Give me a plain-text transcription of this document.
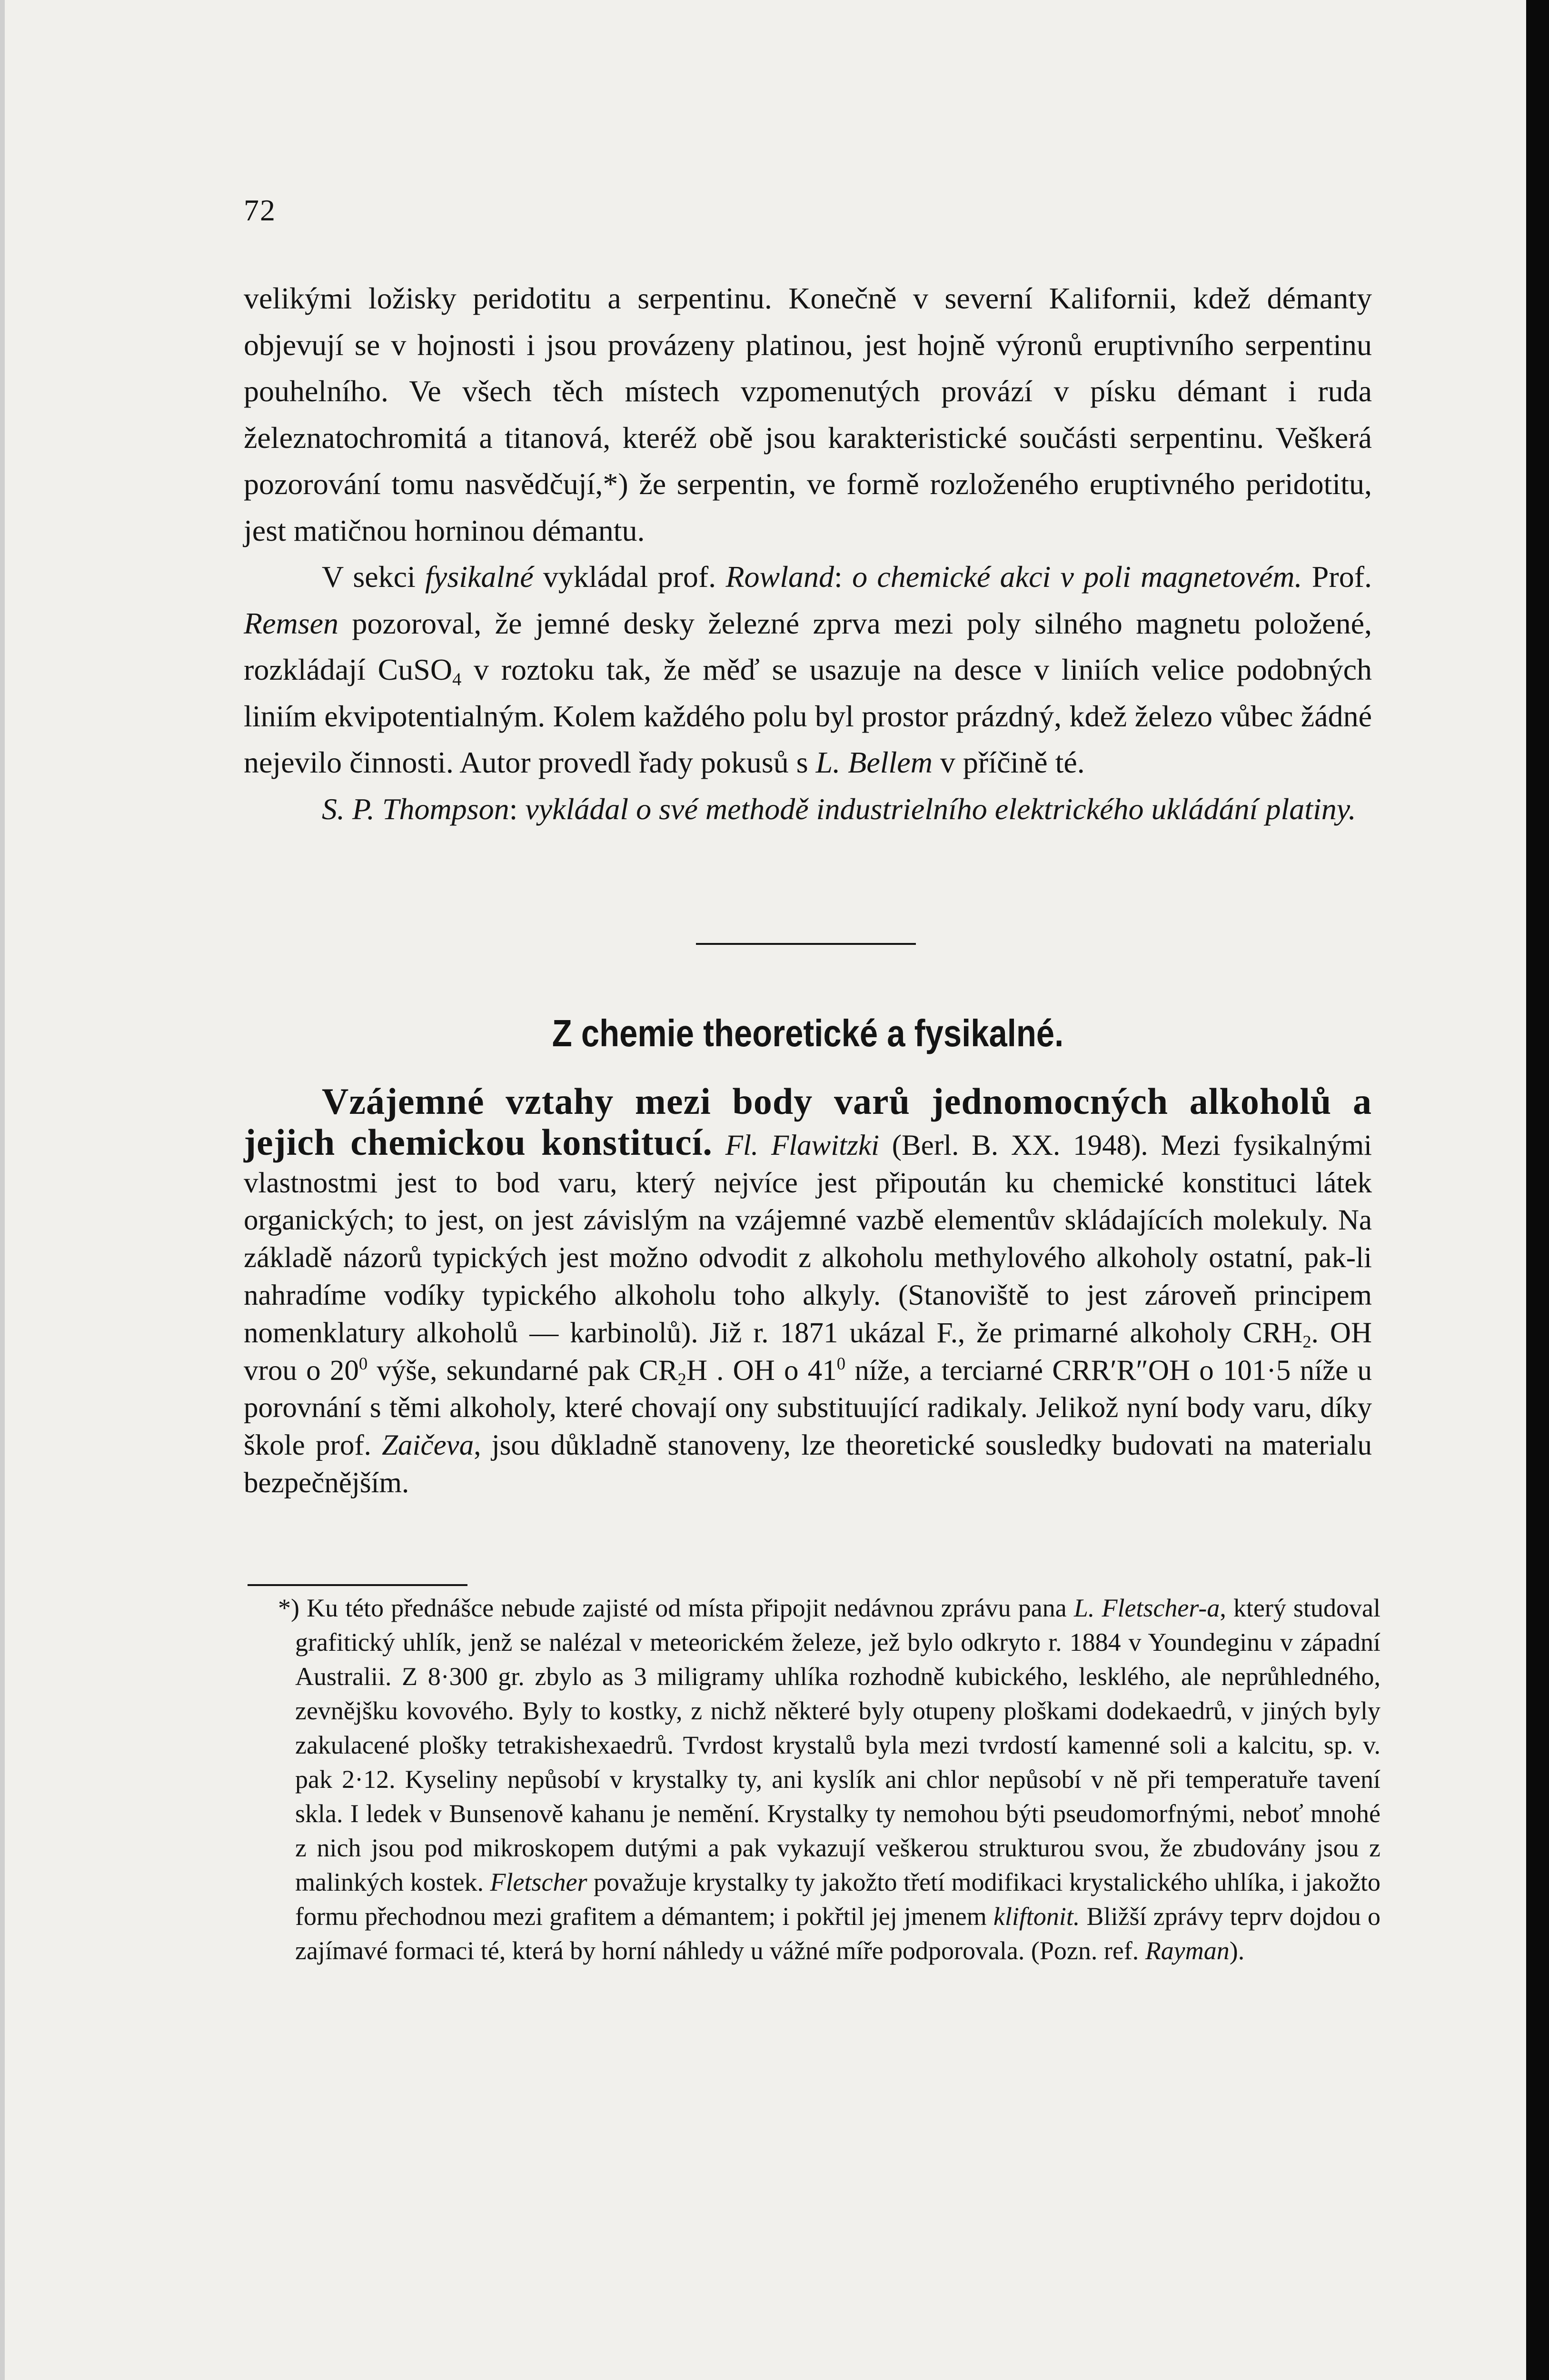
72

velikými ložisky peridotitu a serpentinu. Konečně v severní Kalifornii, kdež démanty objevují se v hojnosti i jsou provázeny platinou, jest hojně výronů eruptivního serpentinu pouhelního. Ve všech těch místech vzpomenutých provází v písku démant i ruda železnatochromitá a titanová, kteréž obě jsou karakteristické součásti serpentinu. Veškerá pozorování tomu nasvědčují,*) že serpentin, ve formě rozloženého eruptivného peridotitu, jest matičnou horninou démantu.

V sekci fysikalné vykládal prof. Rowland: o chemické akci v poli magnetovém. Prof. Remsen pozoroval, že jemné desky železné zprva mezi poly silného magnetu položené, rozkládají CuSO$_4$ v roztoku tak, že měď se usazuje na desce v liniích velice podobných liniím ekvipotentialným. Kolem každého polu byl prostor prázdný, kdež železo vůbec žádné nejevilo činnosti. Autor provedl řady pokusů s L. Bellem v příčině té.

S. P. Thompson: vykládal o své methodě industrielního elektrického ukládání platiny.

Z chemie theoretické a fysikalné.

Vzájemné vztahy mezi body varů jednomocných alkoholů a jejich chemickou konstitucí. Fl. Flawitzki (Berl. B. XX. 1948). Mezi fysikalnými vlastnostmi jest to bod varu, který nejvíce jest připoután ku chemické konstituci látek organických; to jest, on jest závislým na vzájemné vazbě elementův skládajících molekuly. Na základě názorů typických jest možno odvodit z alkoholu methylového alkoholy ostatní, pak-li nahradíme vodíky typického alkoholu toho alkyly. (Stanoviště to jest zároveň principem nomenklatury alkoholů — karbinolů). Již r. 1871 ukázal F., že primarné alkoholy $CRH_2$. OH vrou o $20^0$ výše, sekundarné pak $CR_2H$ . OH o $41^0$ níže, a terciarné CRR′R″OH o 101·5 níže u porovnání s těmi alkoholy, které chovají ony substituující radikaly. Jelikož nyní body varu, díky škole prof. Zaičeva, jsou důkladně stanoveny, lze theoretické sousledky budovati na materialu bezpečnějším.

*) Ku této přednášce nebude zajisté od místa připojit nedávnou zprávu pana L. Fletscher-a, který studoval grafitický uhlík, jenž se nalézal v meteorickém železe, jež bylo odkryto r. 1884 v Youndeginu v západní Australii. Z 8·300 gr. zbylo as 3 miligramy uhlíka rozhodně kubického, lesklého, ale neprůhledného, zevnějšku kovového. Byly to kostky, z nichž některé byly otupeny ploškami dodekaedrů, v jiných byly zakulacené plošky tetrakishexaedrů. Tvrdost krystalů byla mezi tvrdostí kamenné soli a kalcitu, sp. v. pak 2·12. Kyseliny nepůsobí v krystalky ty, ani kyslík ani chlor nepůsobí v ně při temperatuře tavení skla. I ledek v Bunsenově kahanu je nemění. Krystalky ty nemohou býti pseudomorfnými, neboť mnohé z nich jsou pod mikroskopem dutými a pak vykazují veškerou strukturou svou, že zbudovány jsou z malinkých kostek. Fletscher považuje krystalky ty jakožto třetí modifikaci krystalického uhlíka, i jakožto formu přechodnou mezi grafitem a démantem; i pokřtil jej jmenem kliftonit. Bližší zprávy teprv dojdou o zajímavé formaci té, která by horní náhledy u vážné míře podporovala. (Pozn. ref. Rayman).
